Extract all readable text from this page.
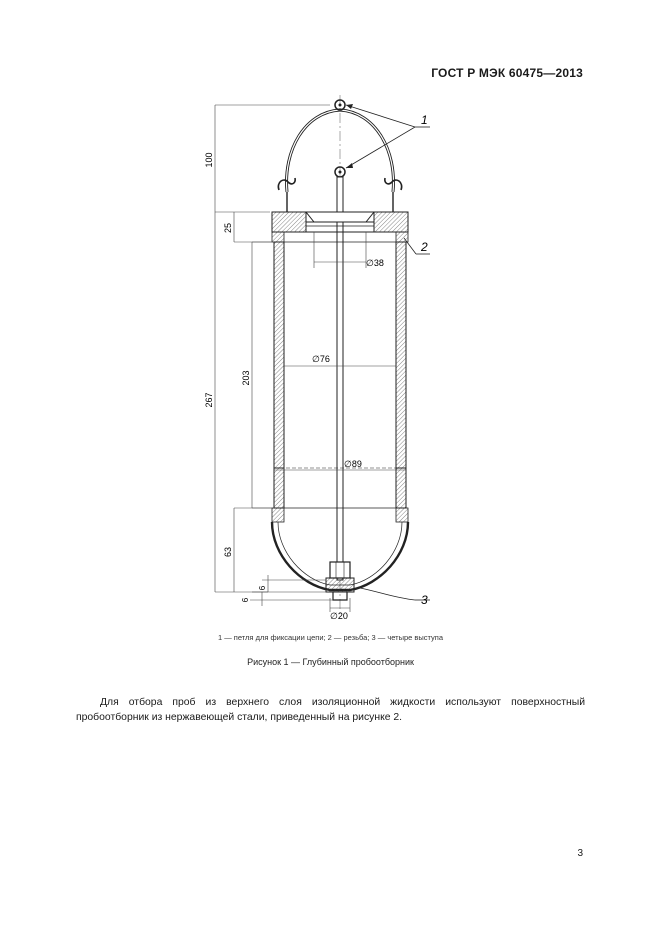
ГОСТ Р МЭК 60475—2013
100
25
267
203
63
6
6
∅38
∅76
∅89
∅20
1
2
3
1 — петля для фиксации цепи; 2 — резьба; 3 — четыре выступа
Рисунок 1 — Глубинный пробоотборник
Для отбора проб из верхнего слоя изоляционной жидкости используют поверхностный пробоотборник из нержавеющей стали, приведенный на рисунке 2.
3
